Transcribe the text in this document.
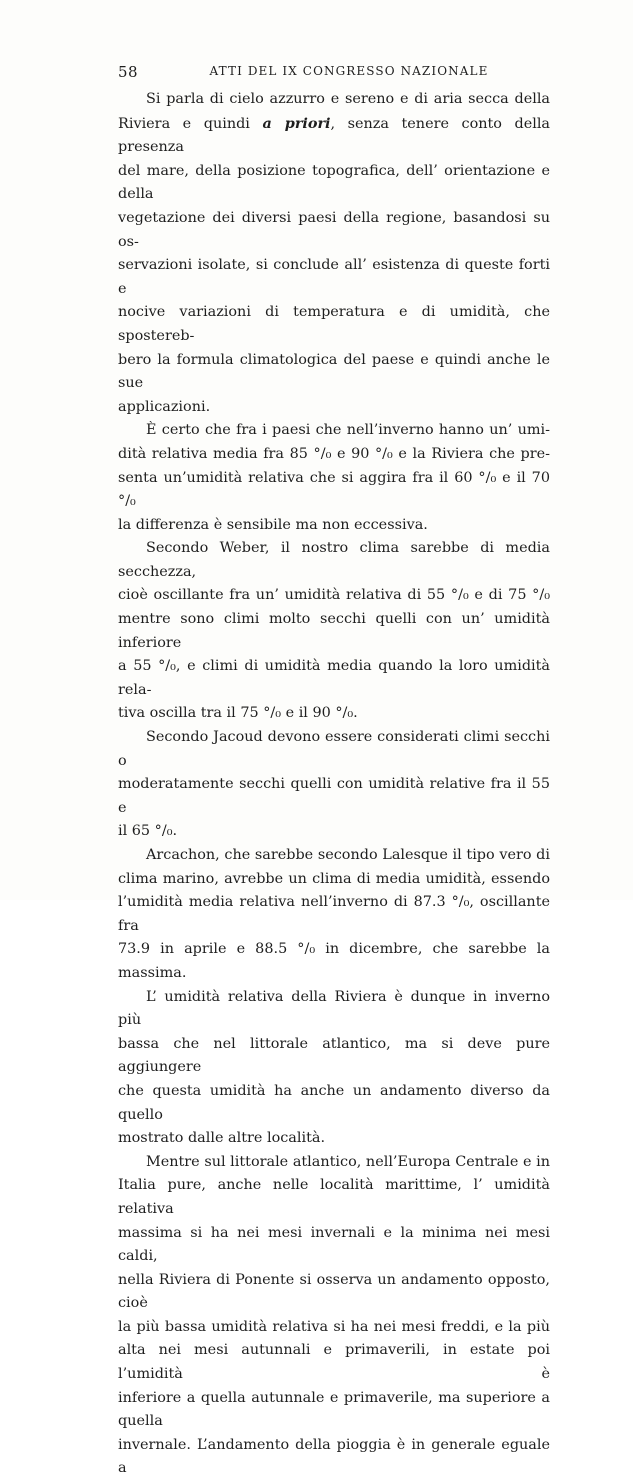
58	ATTI DEL IX CONGRESSO NAZIONALE
Si parla di cielo azzurro e sereno e di aria secca della
Riviera e quindi a priori, senza tenere conto della presenza
del mare, della posizione topografica, dell’ orientazione e della
vegetazione dei diversi paesi della regione, basandosi su os-
servazioni isolate, si conclude all’ esistenza di queste forti e
nocive variazioni di temperatura e di umidità, che spostereb-
bero la formula climatologica del paese e quindi anche le sue
applicazioni.
È certo che fra i paesi che nell’inverno hanno un’ umi-
dità relativa media fra 85 °/₀ e 90 °/₀ e la Riviera che pre-
senta un’umidità relativa che si aggira fra il 60 °/₀ e il 70 °/₀
la differenza è sensibile ma non eccessiva.
Secondo Weber, il nostro clima sarebbe di media secchezza,
cioè oscillante fra un’ umidità relativa di 55 °/₀ e di 75 °/₀
mentre sono climi molto secchi quelli con un’ umidità inferiore
a 55 °/₀, e climi di umidità media quando la loro umidità rela-
tiva oscilla tra il 75 °/₀ e il 90 °/₀.
Secondo Jacoud devono essere considerati climi secchi o
moderatamente secchi quelli con umidità relative fra il 55 e
il 65 °/₀.
Arcachon, che sarebbe secondo Lalesque il tipo vero di
clima marino, avrebbe un clima di media umidità, essendo
l’umidità media relativa nell’inverno di 87.3 °/₀, oscillante fra
73.9 in aprile e 88.5 °/₀ in dicembre, che sarebbe la massima.
L’ umidità relativa della Riviera è dunque in inverno più
bassa che nel littorale atlantico, ma si deve pure aggiungere
che questa umidità ha anche un andamento diverso da quello
mostrato dalle altre località.
Mentre sul littorale atlantico, nell’Europa Centrale e in
Italia pure, anche nelle località marittime, l’ umidità relativa
massima si ha nei mesi invernali e la minima nei mesi caldi,
nella Riviera di Ponente si osserva un andamento opposto, cioè
la più bassa umidità relativa si ha nei mesi freddi, e la più
alta nei mesi autunnali e primaverili, in estate poi l’umidità è
inferiore a quella autunnale e primaverile, ma superiore a quella
invernale. L’andamento della pioggia è in generale eguale a
